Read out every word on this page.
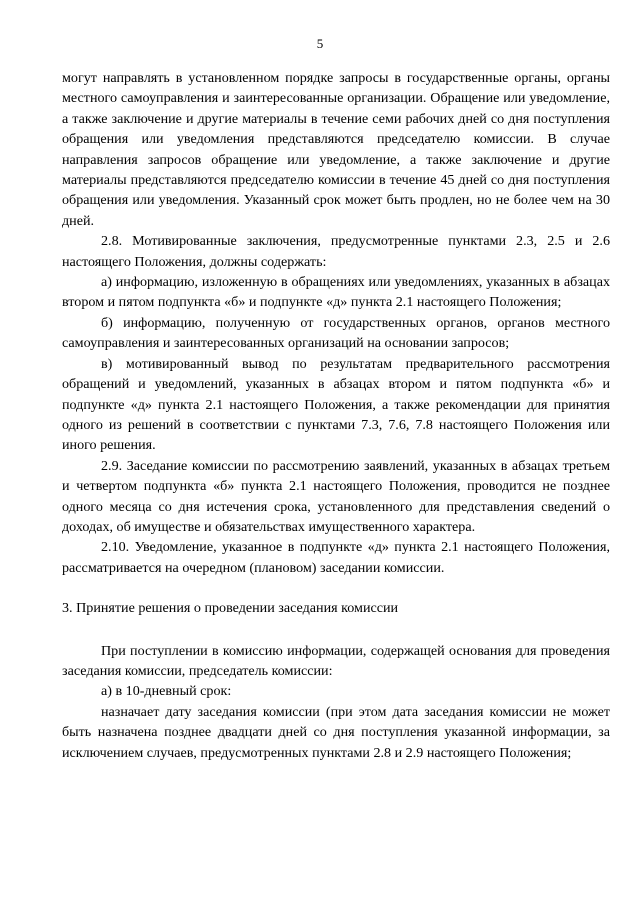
5

могут направлять в установленном порядке запросы в государственные органы, органы местного самоуправления и заинтересованные организации. Обращение или уведомление, а также заключение и другие материалы в течение семи рабочих дней со дня поступления обращения или уведомления представляются председателю комиссии. В случае направления запросов обращение или уведомление, а также заключение и другие материалы представляются председателю комиссии в течение 45 дней со дня поступления обращения или уведомления. Указанный срок может быть продлен, но не более чем на 30 дней.

2.8. Мотивированные заключения, предусмотренные пунктами 2.3, 2.5 и 2.6 настоящего Положения, должны содержать:

а) информацию, изложенную в обращениях или уведомлениях, указанных в абзацах втором и пятом подпункта «б» и подпункте «д» пункта 2.1 настоящего Положения;

б) информацию, полученную от государственных органов, органов местного самоуправления и заинтересованных организаций на основании запросов;

в) мотивированный вывод по результатам предварительного рассмотрения обращений и уведомлений, указанных в абзацах втором и пятом подпункта «б» и подпункте «д» пункта 2.1 настоящего Положения, а также рекомендации для принятия одного из решений в соответствии с пунктами 7.3, 7.6, 7.8 настоящего Положения или иного решения.

2.9. Заседание комиссии по рассмотрению заявлений, указанных в абзацах третьем и четвертом подпункта «б» пункта 2.1 настоящего Положения, проводится не позднее одного месяца со дня истечения срока, установленного для представления сведений о доходах, об имуществе и обязательствах имущественного характера.

2.10. Уведомление, указанное в подпункте «д» пункта 2.1 настоящего Положения, рассматривается на очередном (плановом) заседании комиссии.

3. Принятие решения о проведении заседания комиссии

При поступлении в комиссию информации, содержащей основания для проведения заседания комиссии, председатель комиссии:

а) в 10-дневный срок:

назначает дату заседания комиссии (при этом дата заседания комиссии не может быть назначена позднее двадцати дней со дня поступления указанной информации, за исключением случаев, предусмотренных пунктами 2.8 и 2.9 настоящего Положения;
